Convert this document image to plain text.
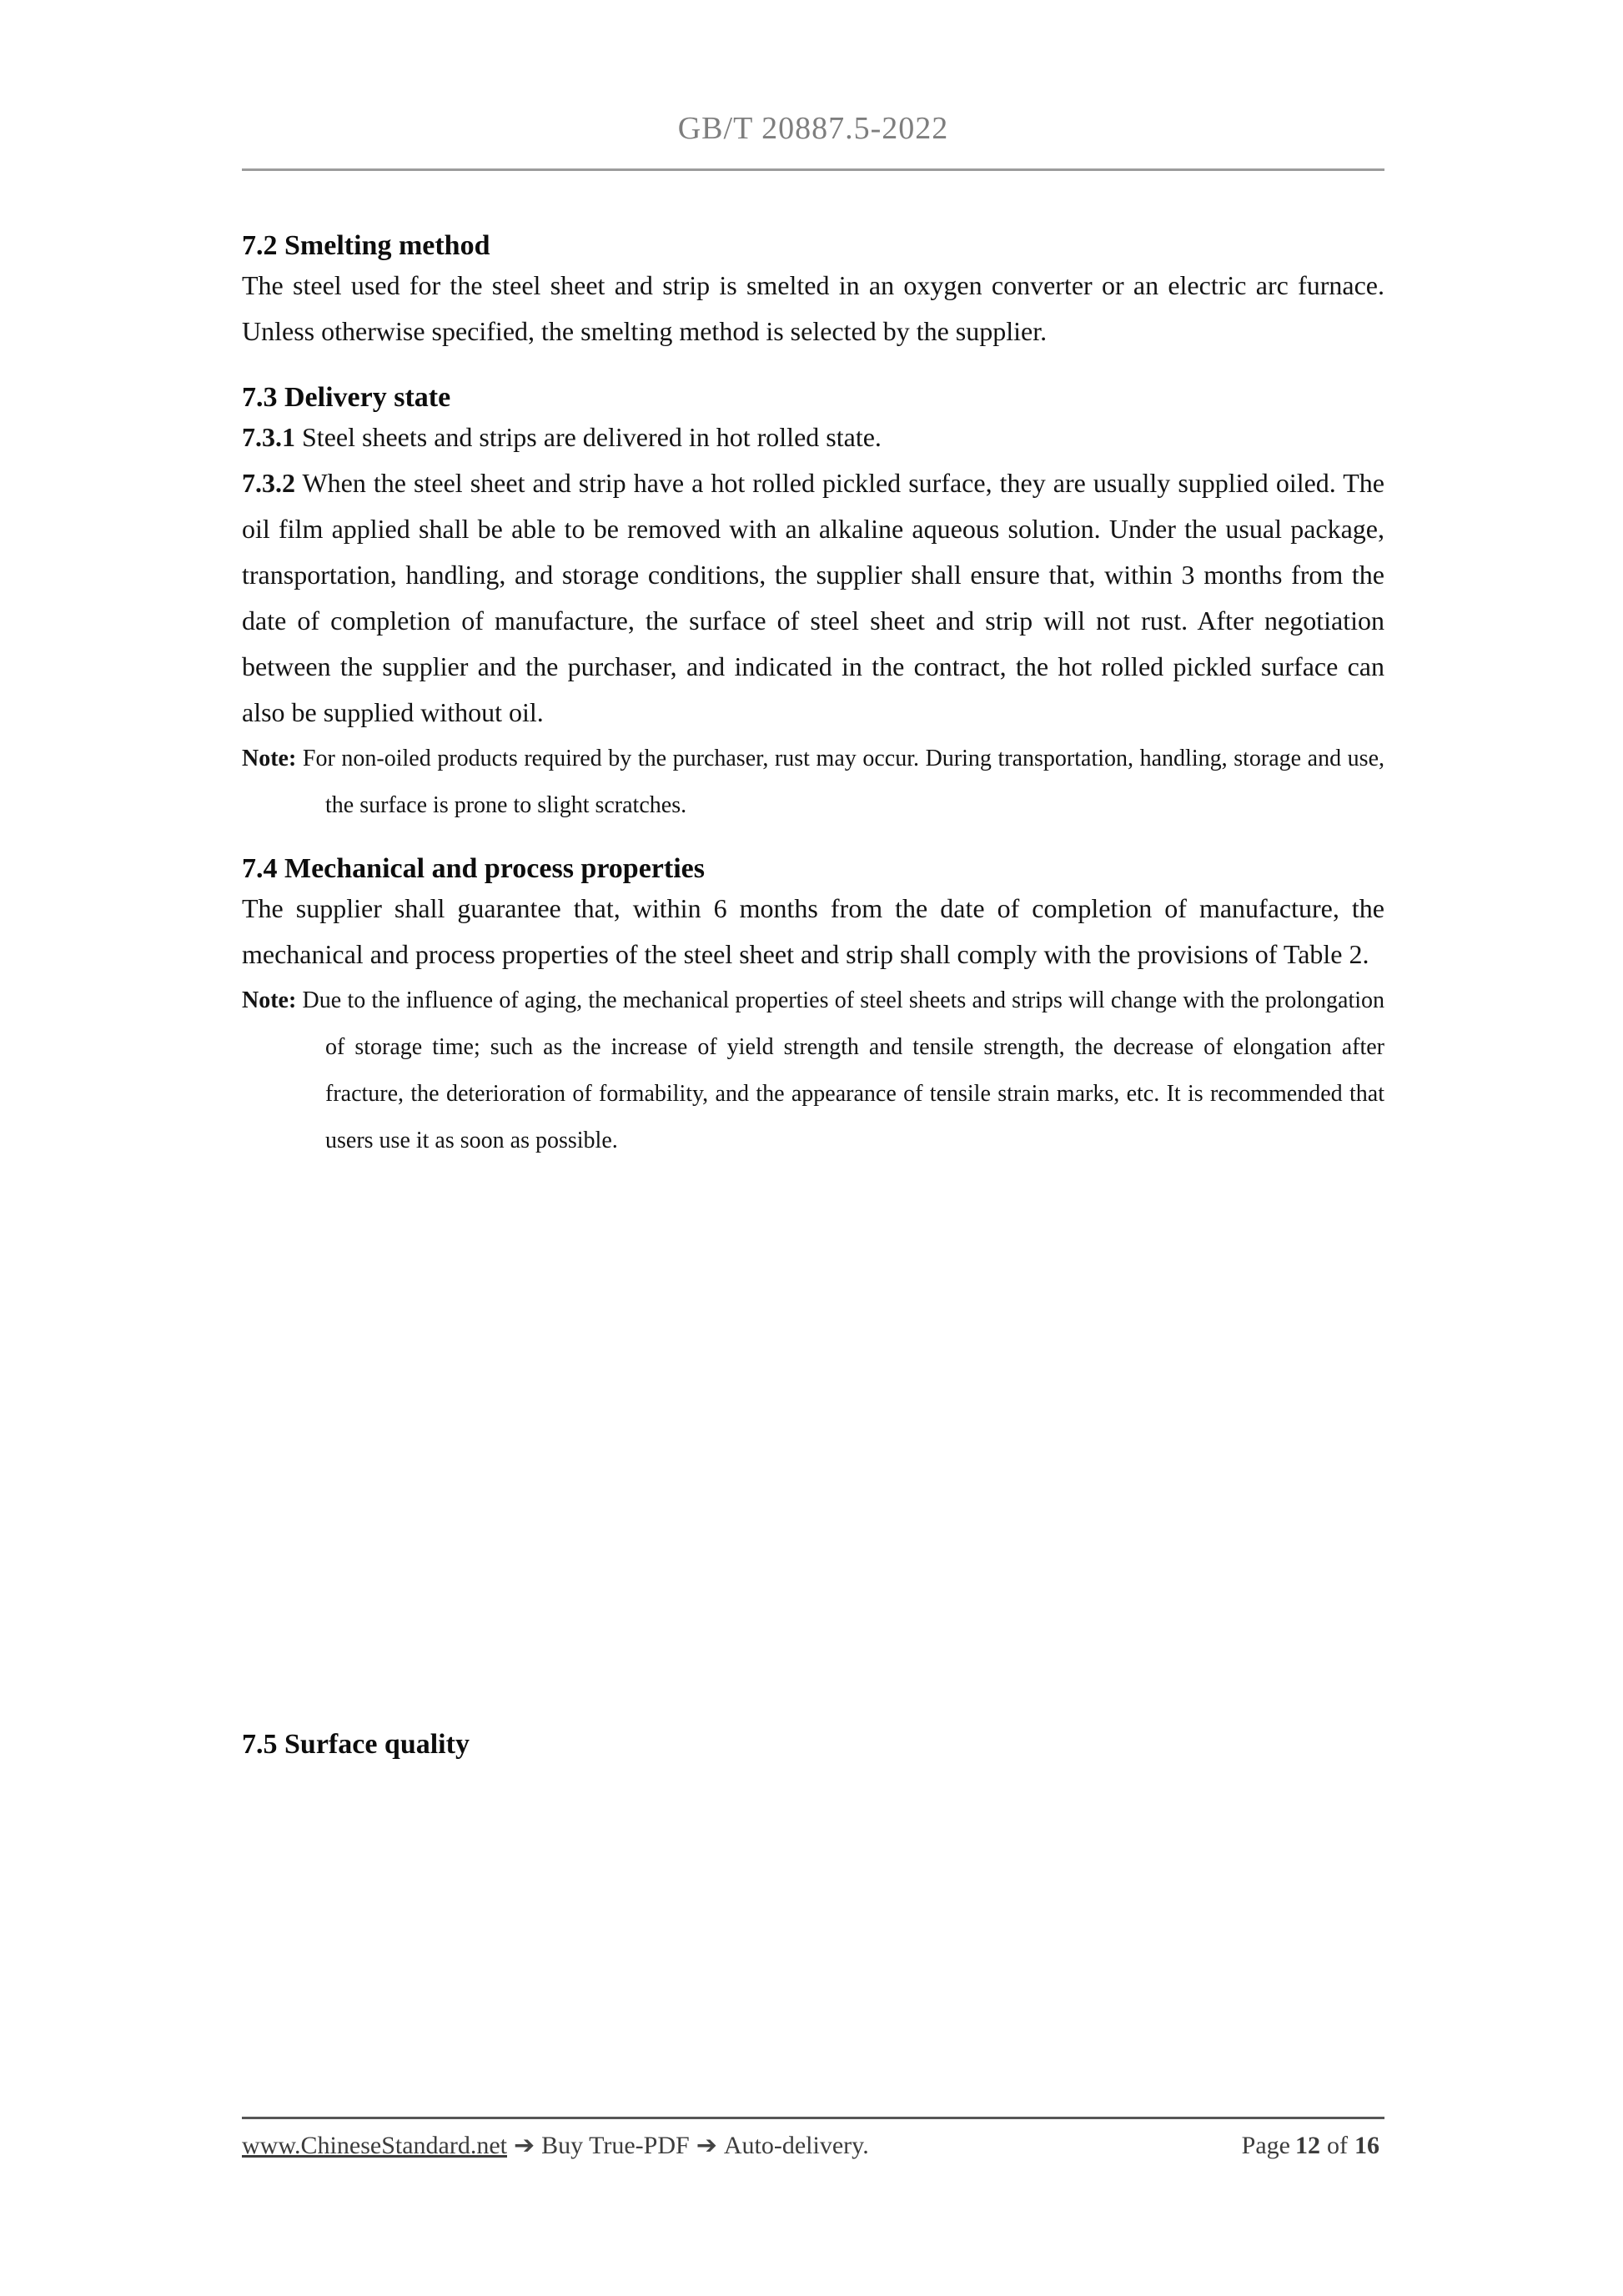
GB/T 20887.5-2022
7.2 Smelting method

The steel used for the steel sheet and strip is smelted in an oxygen converter or an electric arc furnace. Unless otherwise specified, the smelting method is selected by the supplier.

7.3 Delivery state

7.3.1 Steel sheets and strips are delivered in hot rolled state.

7.3.2 When the steel sheet and strip have a hot rolled pickled surface, they are usually supplied oiled. The oil film applied shall be able to be removed with an alkaline aqueous solution. Under the usual package, transportation, handling, and storage conditions, the supplier shall ensure that, within 3 months from the date of completion of manufacture, the surface of steel sheet and strip will not rust. After negotiation between the supplier and the purchaser, and indicated in the contract, the hot rolled pickled surface can also be supplied without oil.

Note: For non-oiled products required by the purchaser, rust may occur. During transportation, handling, storage and use, the surface is prone to slight scratches.

7.4 Mechanical and process properties

The supplier shall guarantee that, within 6 months from the date of completion of manufacture, the mechanical and process properties of the steel sheet and strip shall comply with the provisions of Table 2.

Note: Due to the influence of aging, the mechanical properties of steel sheets and strips will change with the prolongation of storage time; such as the increase of yield strength and tensile strength, the decrease of elongation after fracture, the deterioration of formability, and the appearance of tensile strain marks, etc. It is recommended that users use it as soon as possible.

7.5 Surface quality
www.ChineseStandard.net ➔ Buy True-PDF ➔ Auto-delivery.	Page 12 of 16
